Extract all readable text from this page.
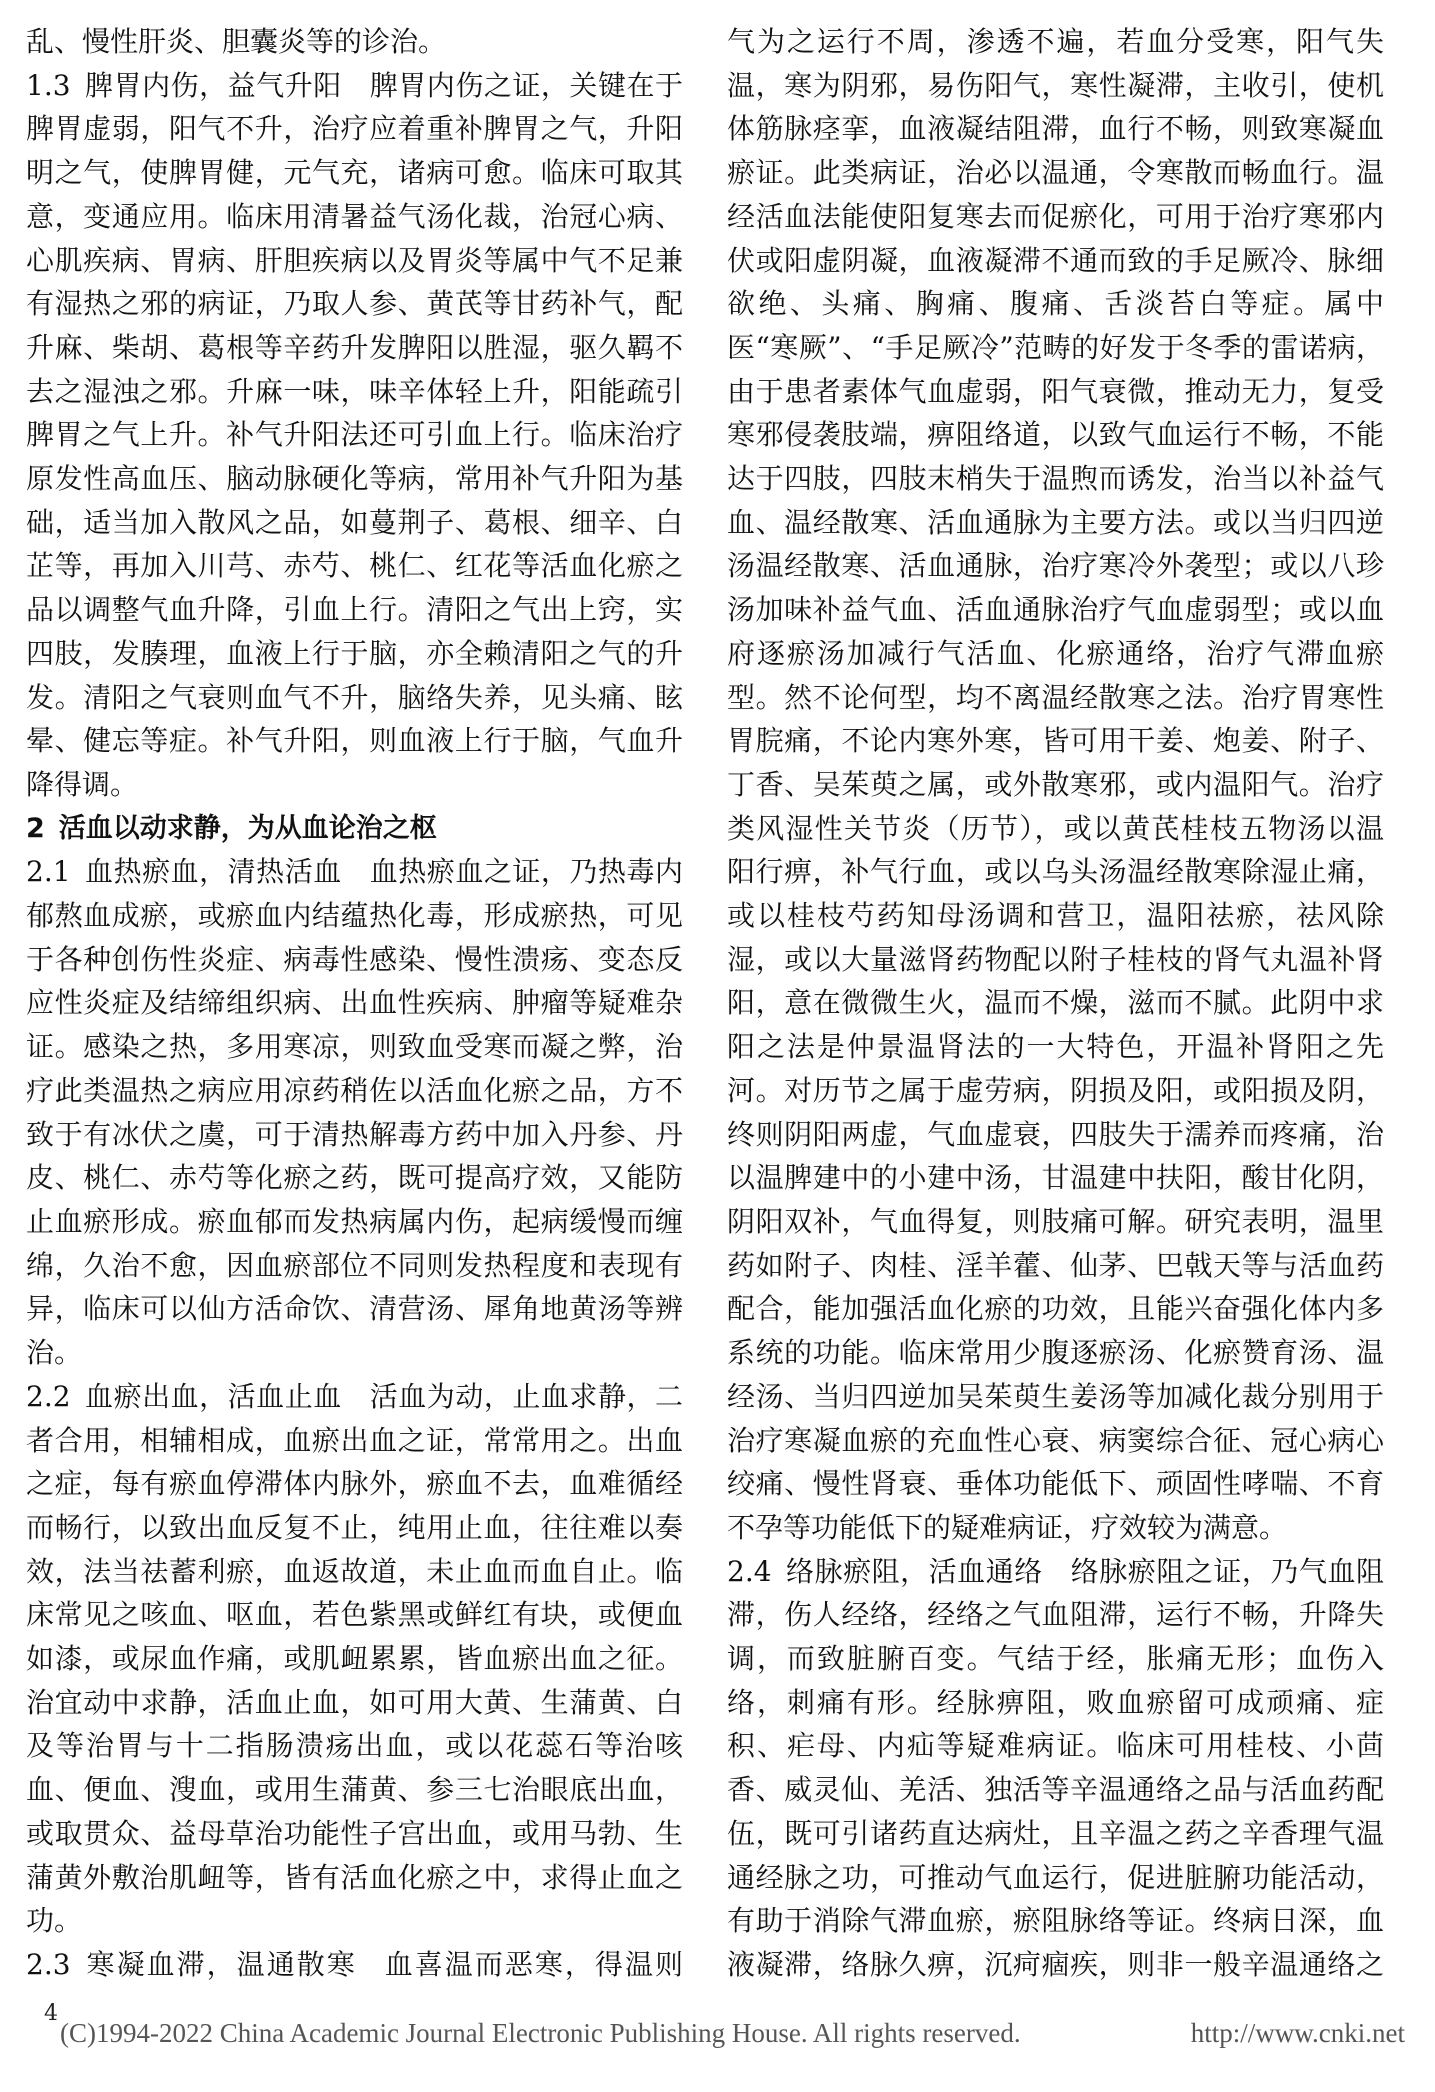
乱、慢性肝炎、胆囊炎等的诊治。

1.3 脾胃内伤，益气升阳 脾胃内伤之证，关键在于脾胃虚弱，阳气不升，治疗应着重补脾胃之气，升阳明之气，使脾胃健，元气充，诸病可愈。临床可取其意，变通应用。临床用清暑益气汤化裁，治冠心病、心肌疾病、胃病、肝胆疾病以及胃炎等属中气不足兼有湿热之邪的病证，乃取人参、黄芪等甘药补气，配升麻、柴胡、葛根等辛药升发脾阳以胜湿，驱久羁不去之湿浊之邪。升麻一味，味辛体轻上升，阳能疏引脾胃之气上升。补气升阳法还可引血上行。临床治疗原发性高血压、脑动脉硬化等病，常用补气升阳为基础，适当加入散风之品，如蔓荆子、葛根、细辛、白芷等，再加入川芎、赤芍、桃仁、红花等活血化瘀之品以调整气血升降，引血上行。清阳之气出上窍，实四肢，发腠理，血液上行于脑，亦全赖清阳之气的升发。清阳之气衰则血气不升，脑络失养，见头痛、眩晕、健忘等症。补气升阳，则血液上行于脑，气血升降得调。

2 活血以动求静，为从血论治之枢

2.1 血热瘀血，清热活血 血热瘀血之证，乃热毒内郁熬血成瘀，或瘀血内结蕴热化毒，形成瘀热，可见于各种创伤性炎症、病毒性感染、慢性溃疡、变态反应性炎症及结缔组织病、出血性疾病、肿瘤等疑难杂证。感染之热，多用寒凉，则致血受寒而凝之弊，治疗此类温热之病应用凉药稍佐以活血化瘀之品，方不致于有冰伏之虞，可于清热解毒方药中加入丹参、丹皮、桃仁、赤芍等化瘀之药，既可提高疗效，又能防止血瘀形成。瘀血郁而发热病属内伤，起病缓慢而缠绵，久治不愈，因血瘀部位不同则发热程度和表现有异，临床可以仙方活命饮、清营汤、犀角地黄汤等辨治。

2.2 血瘀出血，活血止血 活血为动，止血求静，二者合用，相辅相成，血瘀出血之证，常常用之。出血之症，每有瘀血停滞体内脉外，瘀血不去，血难循经而畅行，以致出血反复不止，纯用止血，往往难以奏效，法当祛蓄利瘀，血返故道，未止血而血自止。临床常见之咳血、呕血，若色紫黑或鲜红有块，或便血如漆，或尿血作痛，或肌衄累累，皆血瘀出血之征。治宜动中求静，活血止血，如可用大黄、生蒲黄、白及等治胃与十二指肠溃疡出血，或以花蕊石等治咳血、便血、溲血，或用生蒲黄、参三七治眼底出血，或取贯众、益母草治功能性子宫出血，或用马勃、生蒲黄外敷治肌衄等，皆有活血化瘀之中，求得止血之功。

2.3 寒凝血滞，温通散寒 血喜温而恶寒，得温则

气为之运行不周，渗透不遍，若血分受寒，阳气失温，寒为阴邪，易伤阳气，寒性凝滞，主收引，使机体筋脉痉挛，血液凝结阻滞，血行不畅，则致寒凝血瘀证。此类病证，治必以温通，令寒散而畅血行。温经活血法能使阳复寒去而促瘀化，可用于治疗寒邪内伏或阳虚阴凝，血液凝滞不通而致的手足厥冷、脉细欲绝、头痛、胸痛、腹痛、舌淡苔白等症。属中医“寒厥”、“手足厥冷”范畴的好发于冬季的雷诺病，由于患者素体气血虚弱，阳气衰微，推动无力，复受寒邪侵袭肢端，痹阻络道，以致气血运行不畅，不能达于四肢，四肢末梢失于温煦而诱发，治当以补益气血、温经散寒、活血通脉为主要方法。或以当归四逆汤温经散寒、活血通脉，治疗寒冷外袭型；或以八珍汤加味补益气血、活血通脉治疗气血虚弱型；或以血府逐瘀汤加减行气活血、化瘀通络，治疗气滞血瘀型。然不论何型，均不离温经散寒之法。治疗胃寒性胃脘痛，不论内寒外寒，皆可用干姜、炮姜、附子、丁香、吴茱萸之属，或外散寒邪，或内温阳气。治疗类风湿性关节炎（历节），或以黄芪桂枝五物汤以温阳行痹，补气行血，或以乌头汤温经散寒除湿止痛，或以桂枝芍药知母汤调和营卫，温阳祛瘀，祛风除湿，或以大量滋肾药物配以附子桂枝的肾气丸温补肾阳，意在微微生火，温而不燥，滋而不腻。此阴中求阳之法是仲景温肾法的一大特色，开温补肾阳之先河。对历节之属于虚劳病，阴损及阳，或阳损及阴，终则阴阳两虚，气血虚衰，四肢失于濡养而疼痛，治以温脾建中的小建中汤，甘温建中扶阳，酸甘化阴，阴阳双补，气血得复，则肢痛可解。研究表明，温里药如附子、肉桂、淫羊藿、仙茅、巴戟天等与活血药配合，能加强活血化瘀的功效，且能兴奋强化体内多系统的功能。临床常用少腹逐瘀汤、化瘀赞育汤、温经汤、当归四逆加吴茱萸生姜汤等加减化裁分别用于治疗寒凝血瘀的充血性心衰、病窦综合征、冠心病心绞痛、慢性肾衰、垂体功能低下、顽固性哮喘、不育不孕等功能低下的疑难病证，疗效较为满意。

2.4 络脉瘀阻，活血通络 络脉瘀阻之证，乃气血阻滞，伤人经络，经络之气血阻滞，运行不畅，升降失调，而致脏腑百变。气结于经，胀痛无形；血伤入络，刺痛有形。经脉痹阻，败血瘀留可成顽痛、症积、疟母、内疝等疑难病证。临床可用桂枝、小茴香、威灵仙、羌活、独活等辛温通络之品与活血药配伍，既可引诸药直达病灶，且辛温之药之辛香理气温通经脉之功，可推动气血运行，促进脏腑功能活动，有助于消除气滞血瘀，瘀阻脉络等证。终病日深，血液凝滞，络脉久痹，沉疴痼疾，则非一般辛温通络之

4
(C)1994-2022 China Academic Journal Electronic Publishing House. All rights reserved.	http://www.cnki.net
